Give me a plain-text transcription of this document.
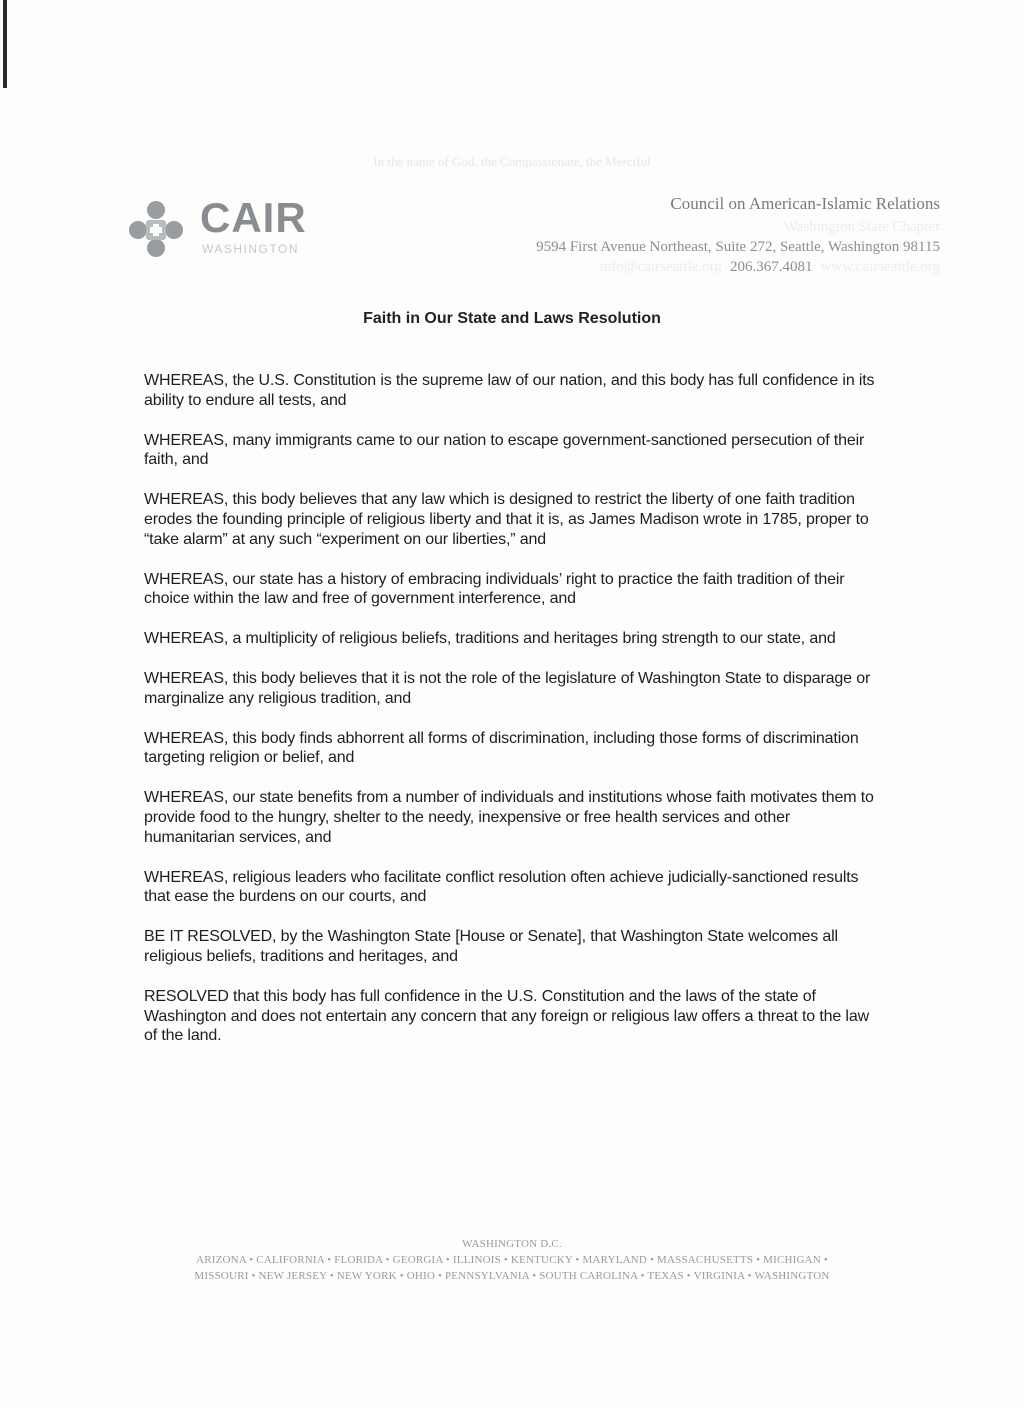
In the name of God, the Compassionate, the Merciful

CAIR
WASHINGTON

Council on American-Islamic Relations

Washington State Chapter

9594 First Avenue Northeast, Suite 272, Seattle, Washington 98115

info@cairseattle.org 206.367.4081 www.cairseattle.org

Faith in Our State and Laws Resolution

WHEREAS, the U.S. Constitution is the supreme law of our nation, and this body has full confidence in its ability to endure all tests, and

WHEREAS, many immigrants came to our nation to escape government-sanctioned persecution of their faith, and

WHEREAS, this body believes that any law which is designed to restrict the liberty of one faith tradition erodes the founding principle of religious liberty and that it is, as James Madison wrote in 1785, proper to “take alarm” at any such “experiment on our liberties,” and

WHEREAS, our state has a history of embracing individuals’ right to practice the faith tradition of their choice within the law and free of government interference, and

WHEREAS, a multiplicity of religious beliefs, traditions and heritages bring strength to our state, and

WHEREAS, this body believes that it is not the role of the legislature of Washington State to disparage or marginalize any religious tradition, and

WHEREAS, this body finds abhorrent all forms of discrimination, including those forms of discrimination targeting religion or belief, and

WHEREAS, our state benefits from a number of individuals and institutions whose faith motivates them to provide food to the hungry, shelter to the needy, inexpensive or free health services and other humanitarian services, and

WHEREAS, religious leaders who facilitate conflict resolution often achieve judicially-sanctioned results that ease the burdens on our courts, and

BE IT RESOLVED, by the Washington State [House or Senate], that Washington State welcomes all religious beliefs, traditions and heritages, and

RESOLVED that this body has full confidence in the U.S. Constitution and the laws of the state of Washington and does not entertain any concern that any foreign or religious law offers a threat to the law of the land.

WASHINGTON D.C.

ARIZONA • CALIFORNIA • FLORIDA • GEORGIA • ILLINOIS • KENTUCKY • MARYLAND • MASSACHUSETTS • MICHIGAN •

MISSOURI • NEW JERSEY • NEW YORK • OHIO • PENNSYLVANIA • SOUTH CAROLINA • TEXAS • VIRGINIA • WASHINGTON
